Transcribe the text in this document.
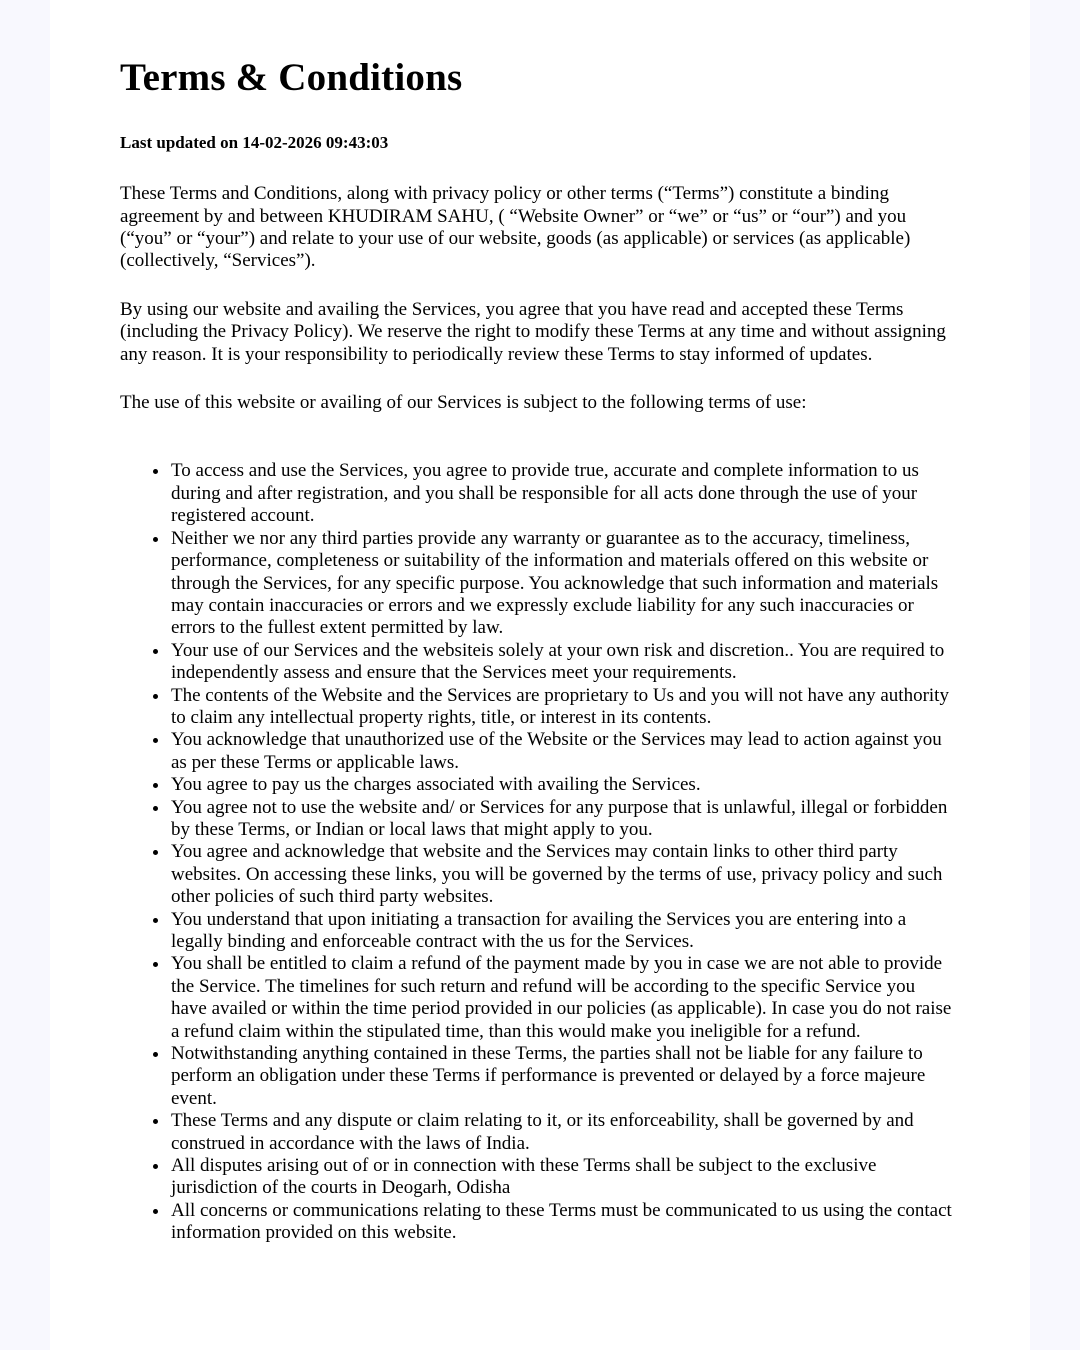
Terms & Conditions

Last updated on 14-02-2026 09:43:03

These Terms and Conditions, along with privacy policy or other terms (“Terms”) constitute a binding agreement by and between KHUDIRAM SAHU, ( “Website Owner” or “we” or “us” or “our”) and you (“you” or “your”) and relate to your use of our website, goods (as applicable) or services (as applicable) (collectively, “Services”).

By using our website and availing the Services, you agree that you have read and accepted these Terms (including the Privacy Policy). We reserve the right to modify these Terms at any time and without assigning any reason. It is your responsibility to periodically review these Terms to stay informed of updates.

The use of this website or availing of our Services is subject to the following terms of use:

• To access and use the Services, you agree to provide true, accurate and complete information to us during and after registration, and you shall be responsible for all acts done through the use of your registered account.
• Neither we nor any third parties provide any warranty or guarantee as to the accuracy, timeliness, performance, completeness or suitability of the information and materials offered on this website or through the Services, for any specific purpose. You acknowledge that such information and materials may contain inaccuracies or errors and we expressly exclude liability for any such inaccuracies or errors to the fullest extent permitted by law.
• Your use of our Services and the websiteis solely at your own risk and discretion.. You are required to independently assess and ensure that the Services meet your requirements.
• The contents of the Website and the Services are proprietary to Us and you will not have any authority to claim any intellectual property rights, title, or interest in its contents.
• You acknowledge that unauthorized use of the Website or the Services may lead to action against you as per these Terms or applicable laws.
• You agree to pay us the charges associated with availing the Services.
• You agree not to use the website and/ or Services for any purpose that is unlawful, illegal or forbidden by these Terms, or Indian or local laws that might apply to you.
• You agree and acknowledge that website and the Services may contain links to other third party websites. On accessing these links, you will be governed by the terms of use, privacy policy and such other policies of such third party websites.
• You understand that upon initiating a transaction for availing the Services you are entering into a legally binding and enforceable contract with the us for the Services.
• You shall be entitled to claim a refund of the payment made by you in case we are not able to provide the Service. The timelines for such return and refund will be according to the specific Service you have availed or within the time period provided in our policies (as applicable). In case you do not raise a refund claim within the stipulated time, than this would make you ineligible for a refund.
• Notwithstanding anything contained in these Terms, the parties shall not be liable for any failure to perform an obligation under these Terms if performance is prevented or delayed by a force majeure event.
• These Terms and any dispute or claim relating to it, or its enforceability, shall be governed by and construed in accordance with the laws of India.
• All disputes arising out of or in connection with these Terms shall be subject to the exclusive jurisdiction of the courts in Deogarh, Odisha
• All concerns or communications relating to these Terms must be communicated to us using the contact information provided on this website.
